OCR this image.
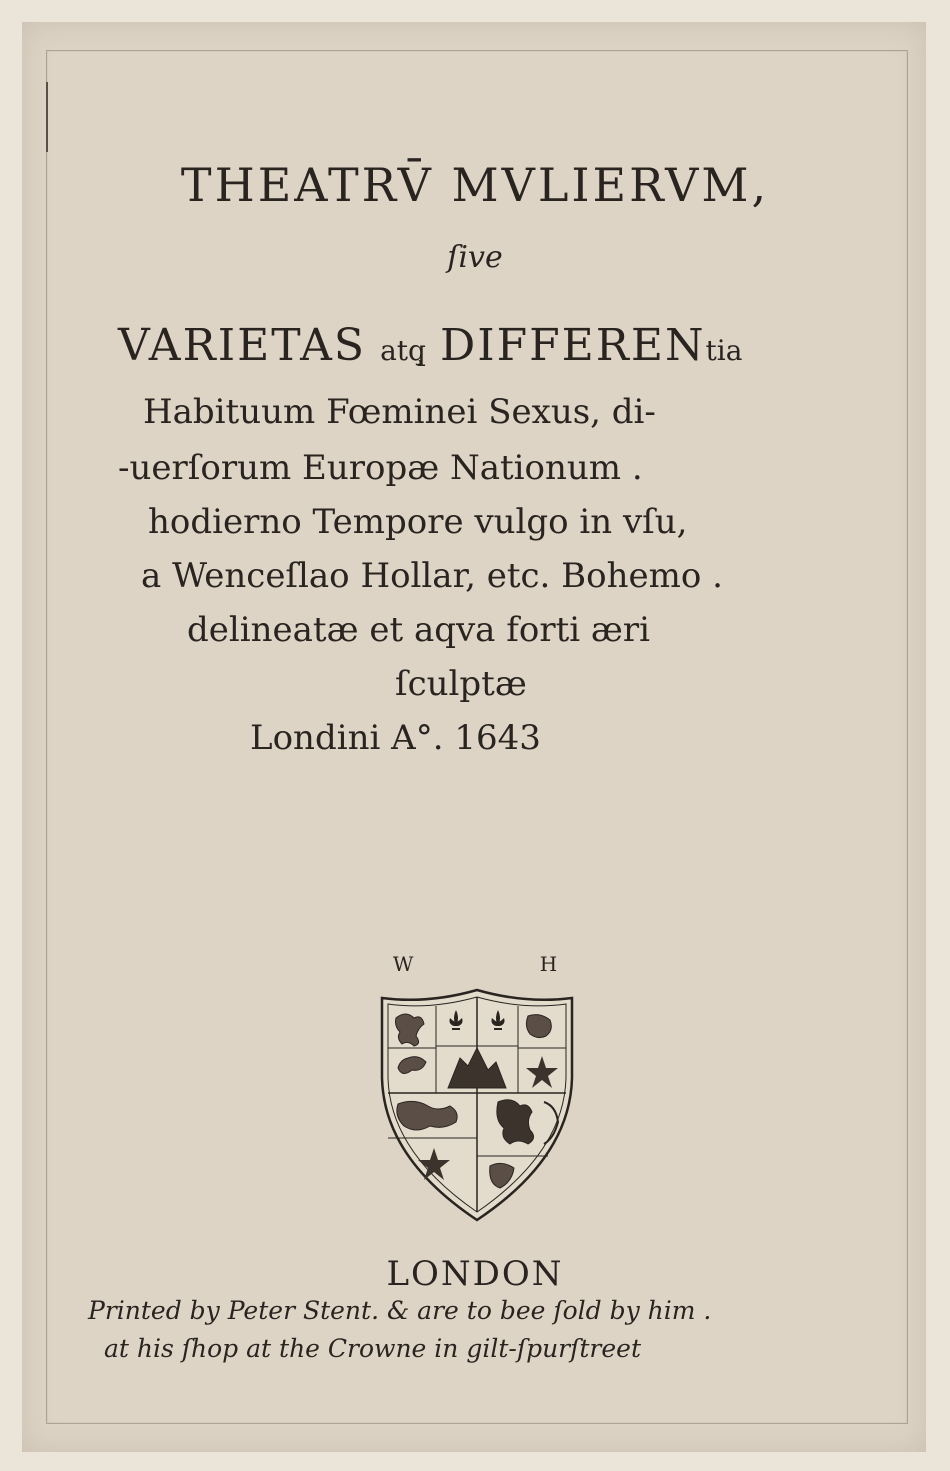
THEATRV̄ MVLIERVM,
ſive
VARIETAS atq̧ DIFFERENtia
Habituum Fœminei Sexus, di-
-uerſorum Europæ Nationum .
hodierno Tempore vulgo in vſu,
a Wenceſlao Hollar, etc. Bohemo .
delineatæ et aqva forti æri
ſculptæ
Londini A°. 1643
W H
LONDON
Printed by Peter Stent. & are to bee ſold by him .
at his ſhop at the Crowne in gilt-ſpurſtreet
